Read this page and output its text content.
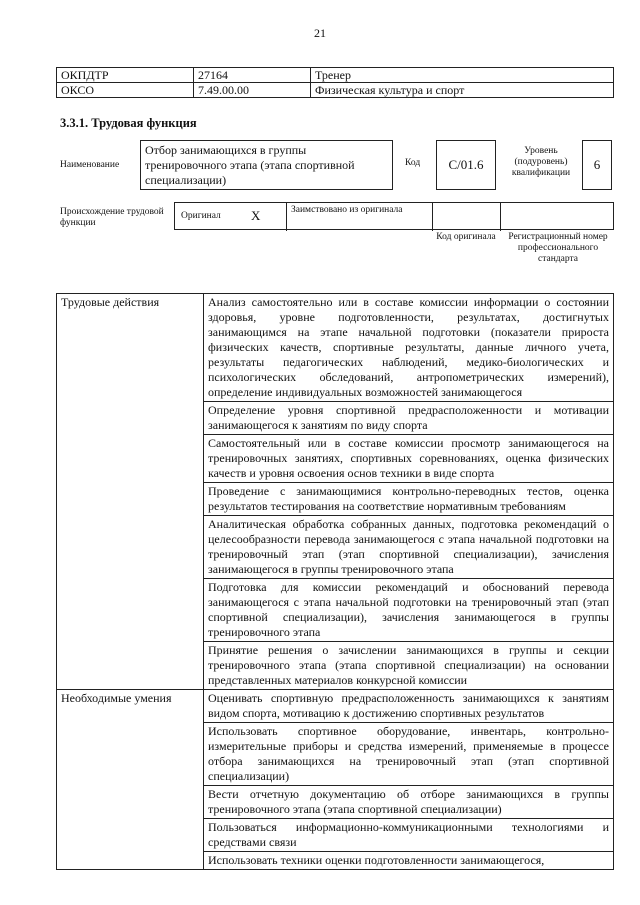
21
ОКПДТР	27164	Тренер
ОКСО	7.49.00.00	Физическая культура и спорт
3.3.1. Трудовая функция
Наименование
Отбор занимающихся в группы тренировочного этапа (этапа спортивной специализации)
Код	C/01.6
Уровень (подуровень) квалификации
6
Происхождение трудовой функции
Оригинал X	Заимствовано из оригинала
Код оригинала	Регистрационный номер профессионального стандарта
Трудовые действия	Анализ самостоятельно или в составе комиссии информации о состоянии здоровья, уровне подготовленности, результатах, достигнутых занимающимся на этапе начальной подготовки (показатели прироста физических качеств, спортивные результаты, данные личного учета, результаты педагогических наблюдений, медико-биологических и психологических обследований, антропометрических измерений), определение индивидуальных возможностей занимающегося
	Определение уровня спортивной предрасположенности и мотивации занимающегося к занятиям по виду спорта
	Самостоятельный или в составе комиссии просмотр занимающегося на тренировочных занятиях, спортивных соревнованиях, оценка физических качеств и уровня освоения основ техники в виде спорта
	Проведение с занимающимися контрольно-переводных тестов, оценка результатов тестирования на соответствие нормативным требованиям
	Аналитическая обработка собранных данных, подготовка рекомендаций о целесообразности перевода занимающегося с этапа начальной подготовки на тренировочный этап (этап спортивной специализации), зачисления занимающегося в группы тренировочного этапа
	Подготовка для комиссии рекомендаций и обоснований перевода занимающегося с этапа начальной подготовки на тренировочный этап (этап спортивной специализации), зачисления занимающегося в группы тренировочного этапа
	Принятие решения о зачислении занимающихся в группы и секции тренировочного этапа (этапа спортивной специализации) на основании представленных материалов конкурсной комиссии
Необходимые умения	Оценивать спортивную предрасположенность занимающихся к занятиям видом спорта, мотивацию к достижению спортивных результатов
	Использовать спортивное оборудование, инвентарь, контрольно-измерительные приборы и средства измерений, применяемые в процессе отбора занимающихся на тренировочный этап (этап спортивной специализации)
	Вести отчетную документацию об отборе занимающихся в группы тренировочного этапа (этапа спортивной специализации)
	Пользоваться информационно-коммуникационными технологиями и средствами связи
	Использовать техники оценки подготовленности занимающегося,
